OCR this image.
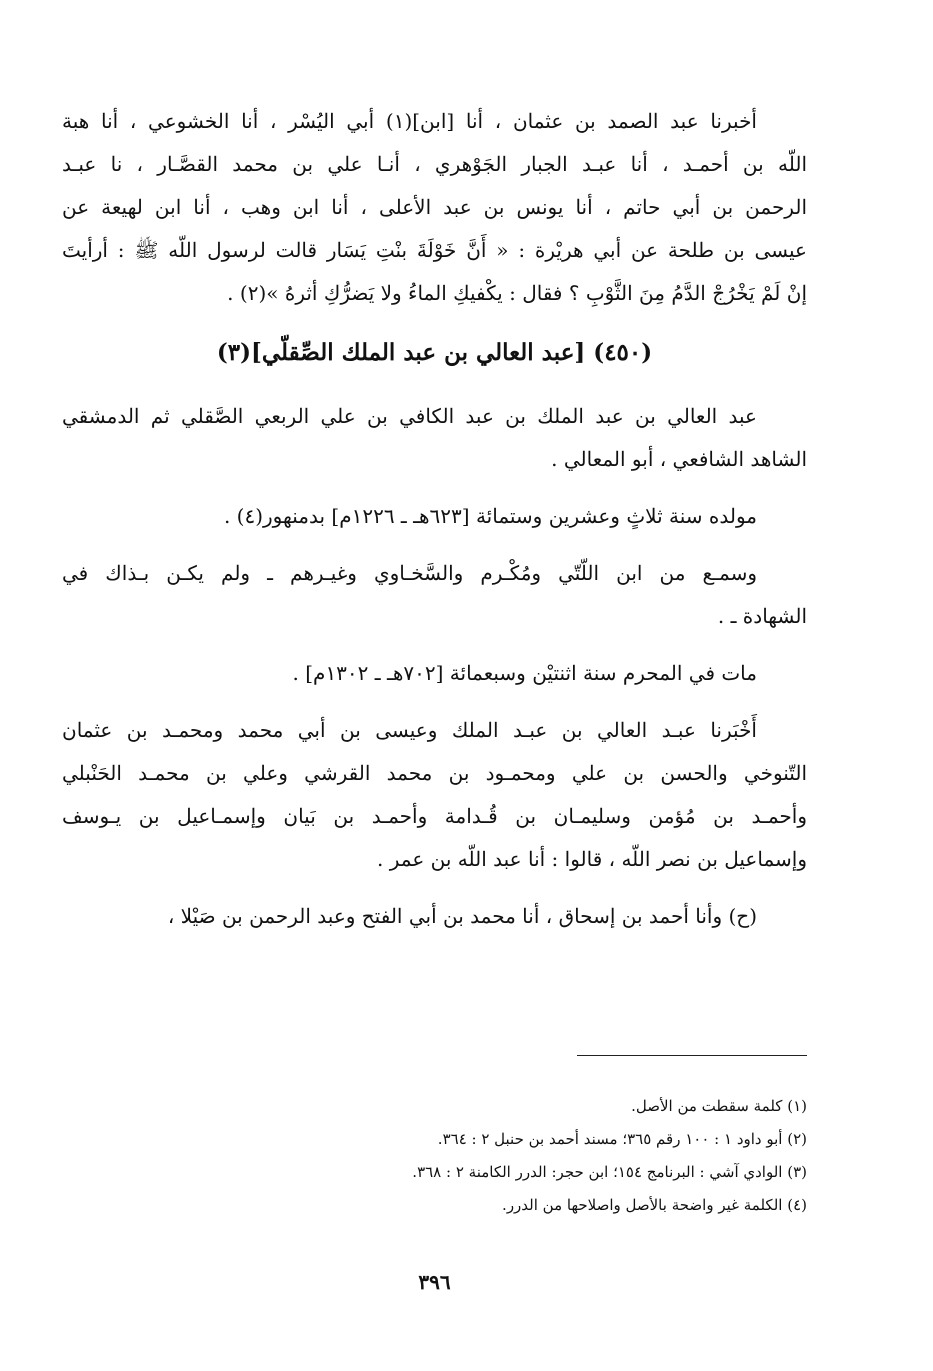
أخبرنا عبد الصمد بن عثمان ، أنا [ابن](١) أبي اليُسْر ، أنا الخشوعي ، أنا هبة
اللّه بن أحمـد ، أنا عبـد الجبار الجَوْهري ، أنـا علي بن محمد القصَّـار ، نا عبـد
الرحمن بن أبي حاتم ، أنا يونس بن عبد الأعلى ، أنا ابن وهب ، أنا ابن لهيعة عن
عيسى بن طلحة عن أبي هريْرة : « أَنَّ خَوْلَةَ بنْتِ يَسَار قالت لرسول اللّه ﷺ : أرأيتَ
إنْ لَمْ يَخْرُجْ الدَّمُ مِنَ الثَّوْبِ ؟ فقال : يكْفيكِ الماءُ ولا يَضرُّكِ أثرهُ »(٢) .

(٤٥٠) [عبد العالي بن عبد الملك الصِّقلّي](٣)

عبد العالي بن عبد الملك بن عبد الكافي بن علي الربعي الصَّقلي ثم الدمشقي
الشاهد الشافعي ، أبو المعالي .

مولده سنة ثلاثٍ وعشرين وستمائة [٦٢٣هـ ـ ١٢٢٦م] بدمنهور(٤) .

وسمـع من ابن اللّتّي ومُكْـرم والسَّخـاوي وغيـرهم ـ ولم يكـن بـذاك في
الشهادة ـ .

مات في المحرم سنة اثنتيْن وسبعمائة [٧٠٢هـ ـ ١٣٠٢م] .

أَخْبَرنا عبـد العالي بن عبـد الملك وعيسى بن أبي محمد ومحمـد بن عثمان
التّنوخي والحسن بن علي ومحمـود بن محمد القرشي وعلي بن محمـد الحَنْبلي
وأحمـد بن مُؤمن وسليمـان بن قُـدامة وأحمـد بن بَيان وإسمـاعيل بن يـوسف
وإسماعيل بن نصر اللّه ، قالوا : أنا عبد اللّه بن عمر .

(ح) وأنا أحمد بن إسحاق ، أنا محمد بن أبي الفتح وعبد الرحمن بن صَيْلا ،

(١) كلمة سقطت من الأصل.

(٢) أبو داود ١ : ١٠٠ رقم ٣٦٥؛ مسند أحمد بن حنبل ٢ : ٣٦٤.

(٣) الوادي آشي : البرنامج ١٥٤؛ ابن حجر: الدرر الكامنة ٢ : ٣٦٨.

(٤) الكلمة غير واضحة بالأصل واصلاحها من الدرر.

٣٩٦
